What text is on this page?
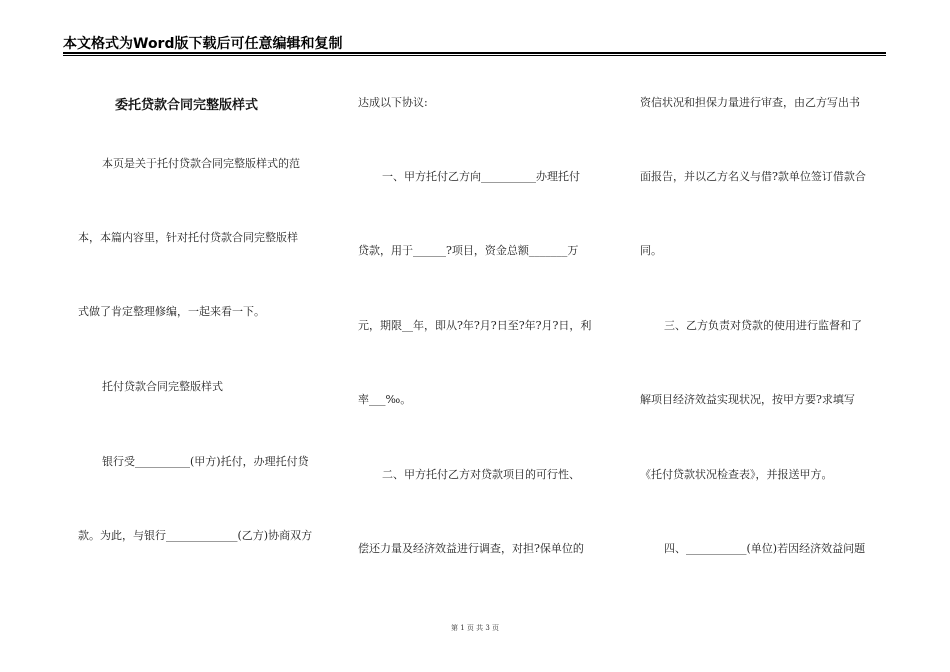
本文格式为Word版下载后可任意编辑和复制
委托贷款合同完整版样式
本页是关于托付贷款合同完整版样式的范
本，本篇内容里，针对托付贷款合同完整版样
式做了肯定整理修编，一起来看一下。
托付贷款合同完整版样式
银行受__________(甲方)托付，办理托付贷
款。为此，与银行_____________(乙方)协商双方
达成以下协议:
一、甲方托付乙方向__________办理托付
贷款，用于______?项目，资金总额_______万
元，期限__年，即从?年?月?日至?年?月?日，利
率___‰。
二、甲方托付乙方对贷款项目的可行性、
偿还力量及经济效益进行调查，对担?保单位的
资信状况和担保力量进行审查，由乙方写出书
面报告，并以乙方名义与借?款单位签订借款合
同。
三、乙方负责对贷款的使用进行监督和了
解项目经济效益实现状况，按甲方要?求填写
《托付贷款状况检查表》，并报送甲方。
四、___________(单位)若因经济效益问题
第 1 页 共 3 页
